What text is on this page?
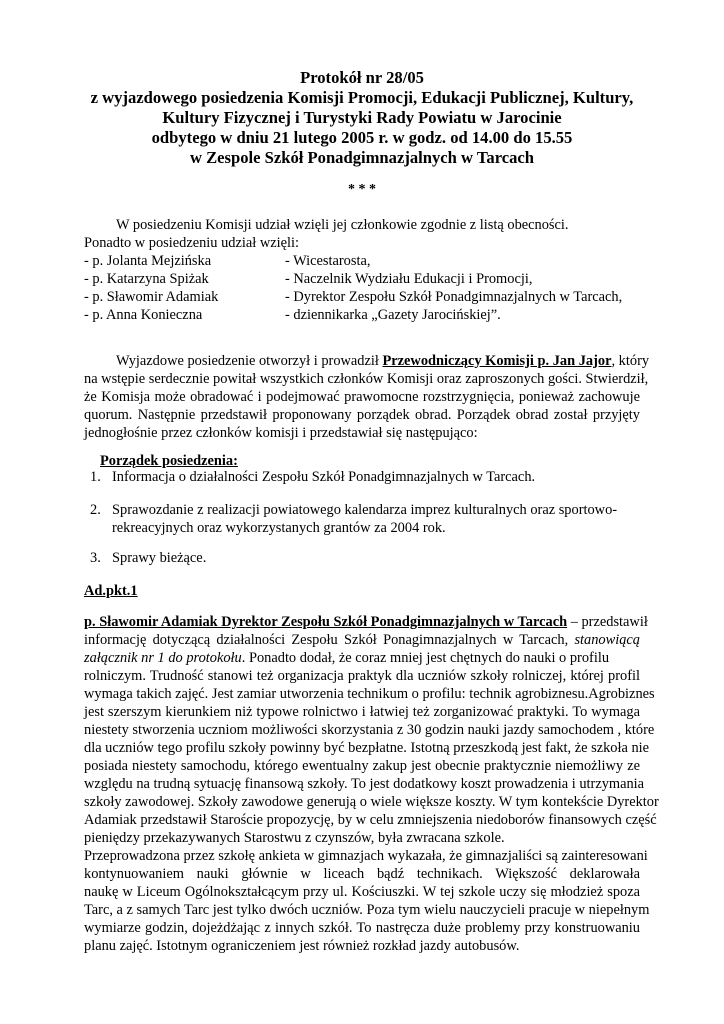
Protokół nr 28/05
z wyjazdowego posiedzenia Komisji Promocji, Edukacji Publicznej, Kultury,
Kultury Fizycznej i Turystyki Rady Powiatu w Jarocinie
odbytego w dniu 21 lutego 2005 r. w godz. od 14.00 do 15.55
w Zespole Szkół Ponadgimnazjalnych w Tarcach
* * *
W posiedzeniu Komisji udział wzięli jej członkowie zgodnie z listą obecności.
Ponadto w posiedzeniu udział wzięli:
- p. Jolanta Mejzińska	- Wicestarosta,
- p. Katarzyna Spiżak	- Naczelnik Wydziału Edukacji i Promocji,
- p. Sławomir Adamiak	- Dyrektor Zespołu Szkół Ponadgimnazjalnych w Tarcach,
- p. Anna Konieczna	- dziennikarka „Gazety Jarocińskiej”.
Wyjazdowe posiedzenie otworzył i prowadził Przewodniczący Komisji p. Jan Jajor, który
na wstępie serdecznie powitał wszystkich członków Komisji oraz zaproszonych gości. Stwierdził,
że Komisja może obradować i podejmować prawomocne rozstrzygnięcia, ponieważ zachowuje
quorum. Następnie przedstawił proponowany porządek obrad. Porządek obrad został przyjęty
jednogłośnie przez członków komisji i przedstawiał się następująco:
Porządek posiedzenia:
1. Informacja o działalności Zespołu Szkół Ponadgimnazjalnych w Tarcach.
2. Sprawozdanie z realizacji powiatowego kalendarza imprez kulturalnych oraz sportowo-
rekreacyjnych oraz wykorzystanych grantów za 2004 rok.
3. Sprawy bieżące.
Ad.pkt.1
p. Sławomir Adamiak Dyrektor Zespołu Szkół Ponadgimnazjalnych w Tarcach – przedstawił
informację dotyczącą działalności Zespołu Szkół Ponagimnazjalnych w Tarcach, stanowiącą
załącznik nr 1 do protokołu. Ponadto dodał, że coraz mniej jest chętnych do nauki o profilu
rolniczym. Trudność stanowi też organizacja praktyk dla uczniów szkoły rolniczej, której profil
wymaga takich zajęć. Jest zamiar utworzenia technikum o profilu: technik agrobiznesu.Agrobiznes
jest szerszym kierunkiem niż typowe rolnictwo i łatwiej też zorganizować praktyki. To wymaga
niestety stworzenia uczniom możliwości skorzystania z 30 godzin nauki jazdy samochodem , które
dla uczniów tego profilu szkoły powinny być bezpłatne. Istotną przeszkodą jest fakt, że szkoła nie
posiada niestety samochodu, którego ewentualny zakup jest obecnie praktycznie niemożliwy ze
względu na trudną sytuację finansową szkoły. To jest dodatkowy koszt prowadzenia i utrzymania
szkoły zawodowej. Szkoły zawodowe generują o wiele większe koszty. W tym kontekście Dyrektor
Adamiak przedstawił Staroście propozycję, by w celu zmniejszenia niedoborów finansowych część
pieniędzy przekazywanych Starostwu z czynszów, była zwracana szkole.
Przeprowadzona przez szkołę ankieta w gimnazjach wykazała, że gimnazjaliści są zainteresowani
kontynuowaniem nauki głównie w liceach bądź technikach. Większość deklarowała
naukę w Liceum Ogólnokształcącym przy ul. Kościuszki. W tej szkole uczy się młodzież spoza
Tarc, a z samych Tarc jest tylko dwóch uczniów. Poza tym wielu nauczycieli pracuje w niepełnym
wymiarze godzin, dojeżdżając z innych szkół. To nastręcza duże problemy przy konstruowaniu
planu zajęć. Istotnym ograniczeniem jest również rozkład jazdy autobusów.
